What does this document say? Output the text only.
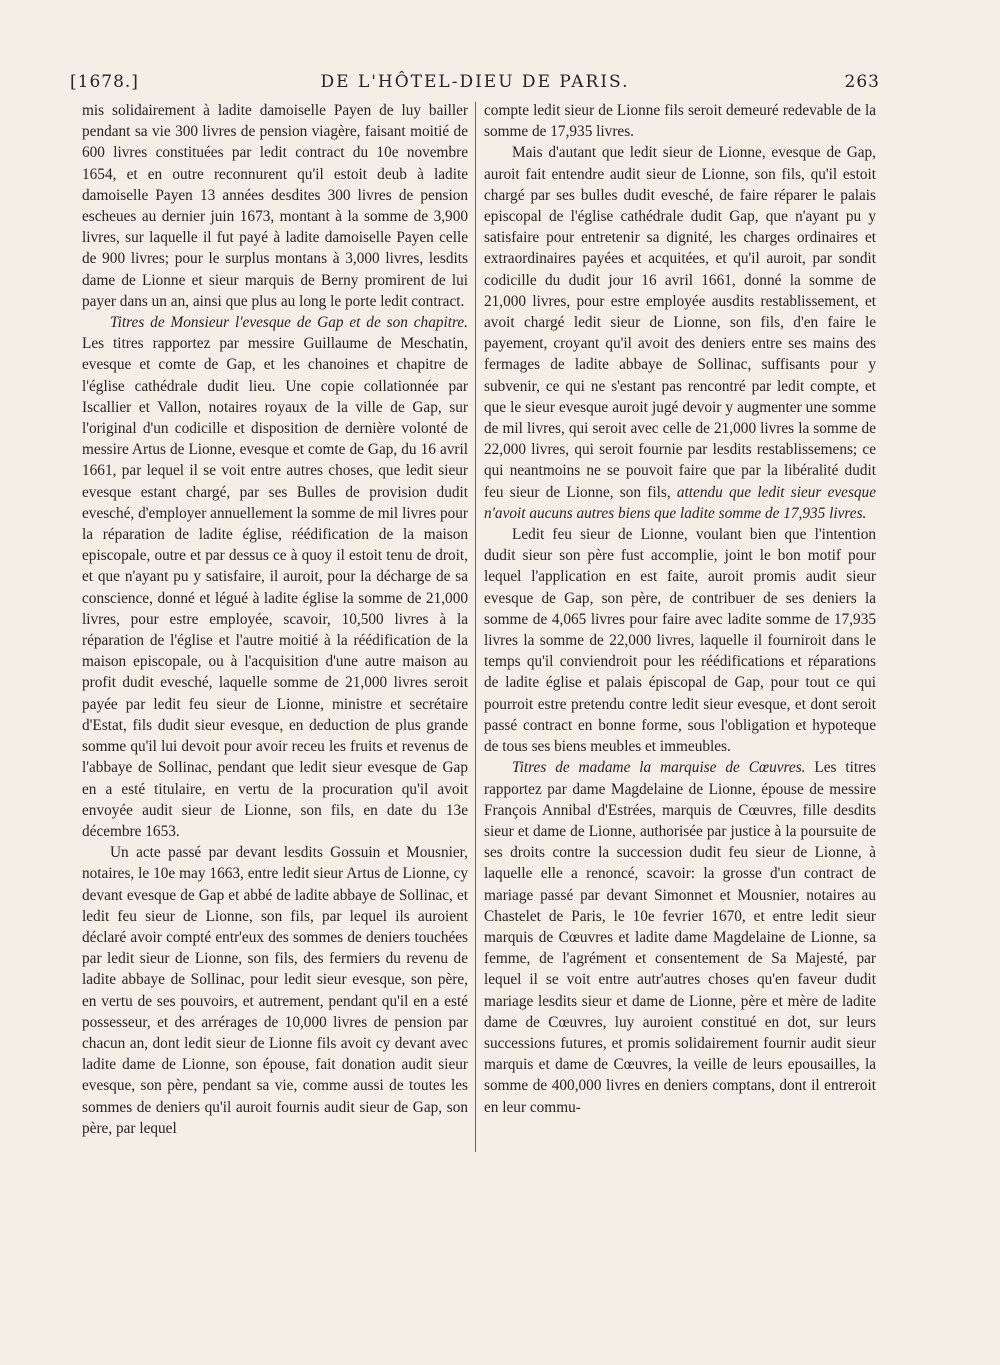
[1678.]	DE L'HÔTEL-DIEU DE PARIS.	263

mis solidairement à ladite damoiselle Payen de luy bailler pendant sa vie 300 livres de pension viagère, faisant moitié de 600 livres constituées par ledit contract du 10e novembre 1654, et en outre reconnurent qu'il estoit deub à ladite damoiselle Payen 13 années desdites 300 livres de pension escheues au dernier juin 1673, montant à la somme de 3,900 livres, sur laquelle il fut payé à ladite damoiselle Payen celle de 900 livres; pour le surplus montans à 3,000 livres, lesdits dame de Lionne et sieur marquis de Berny promirent de lui payer dans un an, ainsi que plus au long le porte ledit contract.

Titres de Monsieur l'evesque de Gap et de son chapitre. Les titres rapportez par messire Guillaume de Meschatin, evesque et comte de Gap, et les chanoines et chapitre de l'église cathédrale dudit lieu. Une copie collationnée par Iscallier et Vallon, notaires royaux de la ville de Gap, sur l'original d'un codicille et disposition de dernière volonté de messire Artus de Lionne, evesque et comte de Gap, du 16 avril 1661, par lequel il se voit entre autres choses, que ledit sieur evesque estant chargé, par ses Bulles de provision dudit evesché, d'employer annuellement la somme de mil livres pour la réparation de ladite église, réédification de la maison episcopale, outre et par dessus ce à quoy il estoit tenu de droit, et que n'ayant pu y satisfaire, il auroit, pour la décharge de sa conscience, donné et légué à ladite église la somme de 21,000 livres, pour estre employée, scavoir, 10,500 livres à la réparation de l'église et l'autre moitié à la réédification de la maison episcopale, ou à l'acquisition d'une autre maison au profit dudit evesché, laquelle somme de 21,000 livres seroit payée par ledit feu sieur de Lionne, ministre et secrétaire d'Estat, fils dudit sieur evesque, en deduction de plus grande somme qu'il lui devoit pour avoir receu les fruits et revenus de l'abbaye de Sollinac, pendant que ledit sieur evesque de Gap en a esté titulaire, en vertu de la procuration qu'il avoit envoyée audit sieur de Lionne, son fils, en date du 13e décembre 1653.

Un acte passé par devant lesdits Gossuin et Mousnier, notaires, le 10e may 1663, entre ledit sieur Artus de Lionne, cy devant evesque de Gap et abbé de ladite abbaye de Sollinac, et ledit feu sieur de Lionne, son fils, par lequel ils auroient déclaré avoir compté entr'eux des sommes de deniers touchées par ledit sieur de Lionne, son fils, des fermiers du revenu de ladite abbaye de Sollinac, pour ledit sieur evesque, son père, en vertu de ses pouvoirs, et autrement, pendant qu'il en a esté possesseur, et des arrérages de 10,000 livres de pension par chacun an, dont ledit sieur de Lionne fils avoit cy devant avec ladite dame de Lionne, son épouse, fait donation audit sieur evesque, son père, pendant sa vie, comme aussi de toutes les sommes de deniers qu'il auroit fournis audit sieur de Gap, son père, par lequel

compte ledit sieur de Lionne fils seroit demeuré redevable de la somme de 17,935 livres.

Mais d'autant que ledit sieur de Lionne, evesque de Gap, auroit fait entendre audit sieur de Lionne, son fils, qu'il estoit chargé par ses bulles dudit evesché, de faire réparer le palais episcopal de l'église cathédrale dudit Gap, que n'ayant pu y satisfaire pour entretenir sa dignité, les charges ordinaires et extraordinaires payées et acquitées, et qu'il auroit, par sondit codicille du dudit jour 16 avril 1661, donné la somme de 21,000 livres, pour estre employée ausdits restablissement, et avoit chargé ledit sieur de Lionne, son fils, d'en faire le payement, croyant qu'il avoit des deniers entre ses mains des fermages de ladite abbaye de Sollinac, suffisants pour y subvenir, ce qui ne s'estant pas rencontré par ledit compte, et que le sieur evesque auroit jugé devoir y augmenter une somme de mil livres, qui seroit avec celle de 21,000 livres la somme de 22,000 livres, qui seroit fournie par lesdits restablissemens; ce qui neantmoins ne se pouvoit faire que par la libéralité dudit feu sieur de Lionne, son fils, attendu que ledit sieur evesque n'avoit aucuns autres biens que ladite somme de 17,935 livres.

Ledit feu sieur de Lionne, voulant bien que l'intention dudit sieur son père fust accomplie, joint le bon motif pour lequel l'application en est faite, auroit promis audit sieur evesque de Gap, son père, de contribuer de ses deniers la somme de 4,065 livres pour faire avec ladite somme de 17,935 livres la somme de 22,000 livres, laquelle il fourniroit dans le temps qu'il conviendroit pour les réédifications et réparations de ladite église et palais épiscopal de Gap, pour tout ce qui pourroit estre pretendu contre ledit sieur evesque, et dont seroit passé contract en bonne forme, sous l'obligation et hypoteque de tous ses biens meubles et immeubles.

Titres de madame la marquise de Cœuvres. Les titres rapportez par dame Magdelaine de Lionne, épouse de messire François Annibal d'Estrées, marquis de Cœuvres, fille desdits sieur et dame de Lionne, authorisée par justice à la poursuite de ses droits contre la succession dudit feu sieur de Lionne, à laquelle elle a renoncé, scavoir: la grosse d'un contract de mariage passé par devant Simonnet et Mousnier, notaires au Chastelet de Paris, le 10e fevrier 1670, et entre ledit sieur marquis de Cœuvres et ladite dame Magdelaine de Lionne, sa femme, de l'agrément et consentement de Sa Majesté, par lequel il se voit entre autr'autres choses qu'en faveur dudit mariage lesdits sieur et dame de Lionne, père et mère de ladite dame de Cœuvres, luy auroient constitué en dot, sur leurs successions futures, et promis solidairement fournir audit sieur marquis et dame de Cœuvres, la veille de leurs epousailles, la somme de 400,000 livres en deniers comptans, dont il entreroit en leur commu-
